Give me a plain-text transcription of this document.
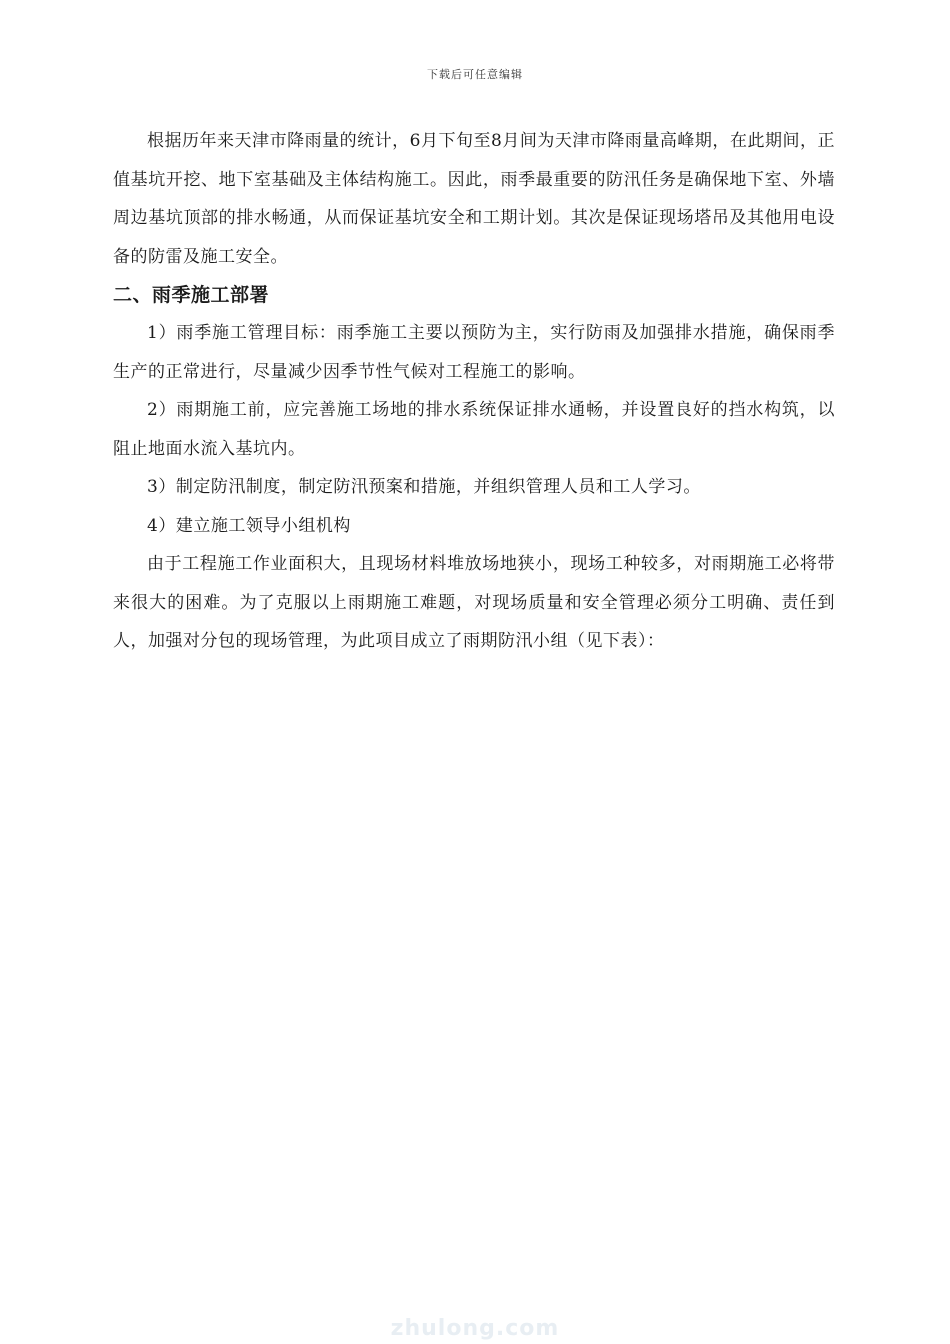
下载后可任意编辑

根据历年来天津市降雨量的统计，6月下旬至8月间为天津市降雨量高峰期，在此期间，正值基坑开挖、地下室基础及主体结构施工。因此，雨季最重要的防汛任务是确保地下室、外墙周边基坑顶部的排水畅通，从而保证基坑安全和工期计划。其次是保证现场塔吊及其他用电设备的防雷及施工安全。

二、雨季施工部署

1）雨季施工管理目标：雨季施工主要以预防为主，实行防雨及加强排水措施，确保雨季生产的正常进行，尽量减少因季节性气候对工程施工的影响。

2）雨期施工前，应完善施工场地的排水系统保证排水通畅，并设置良好的挡水构筑，以阻止地面水流入基坑内。

3）制定防汛制度，制定防汛预案和措施，并组织管理人员和工人学习。

4）建立施工领导小组机构

由于工程施工作业面积大，且现场材料堆放场地狭小，现场工种较多，对雨期施工必将带来很大的困难。为了克服以上雨期施工难题，对现场质量和安全管理必须分工明确、责任到人，加强对分包的现场管理，为此项目成立了雨期防汛小组（见下表）：

zhulong.com
